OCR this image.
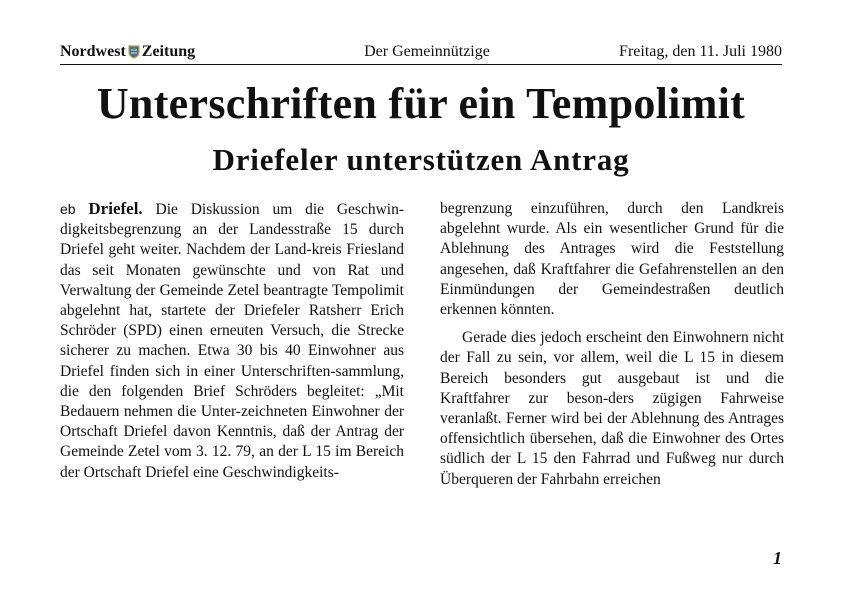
Nordwest Zeitung	Der Gemeinnützige	Freitag, den 11. Juli 1980
Unterschriften für ein Tempolimit
Driefeler unterstützen Antrag

eb Driefel. Die Diskussion um die Geschwin-digkeitsbegrenzung an der Landesstraße 15 durch Driefel geht weiter. Nachdem der Land-kreis Friesland das seit Monaten gewünschte und von Rat und Verwaltung der Gemeinde Zetel beantragte Tempolimit abgelehnt hat, startete der Driefeler Ratsherr Erich Schröder (SPD) einen erneuten Versuch, die Strecke sicherer zu machen. Etwa 30 bis 40 Einwohner aus Driefel finden sich in einer Unterschriften-sammlung, die den folgenden Brief Schröders begleitet: „Mit Bedauern nehmen die Unter-zeichneten Einwohner der Ortschaft Driefel davon Kenntnis, daß der Antrag der Gemeinde Zetel vom 3. 12. 79, an der L 15 im Bereich der Ortschaft Driefel eine Geschwindigkeits-

begrenzung einzuführen, durch den Landkreis abgelehnt wurde. Als ein wesentlicher Grund für die Ablehnung des Antrages wird die Feststellung angesehen, daß Kraftfahrer die Gefahrenstellen an den Einmündungen der Gemeindestraßen deutlich erkennen könnten.

Gerade dies jedoch erscheint den Einwohnern nicht der Fall zu sein, vor allem, weil die L 15 in diesem Bereich besonders gut ausgebaut ist und die Kraftfahrer zur beson-ders zügigen Fahrweise veranlaßt. Ferner wird bei der Ablehnung des Antrages offensichtlich übersehen, daß die Einwohner des Ortes südlich der L 15 den Fahrrad und Fußweg nur durch Überqueren der Fahrbahn erreichen

1
